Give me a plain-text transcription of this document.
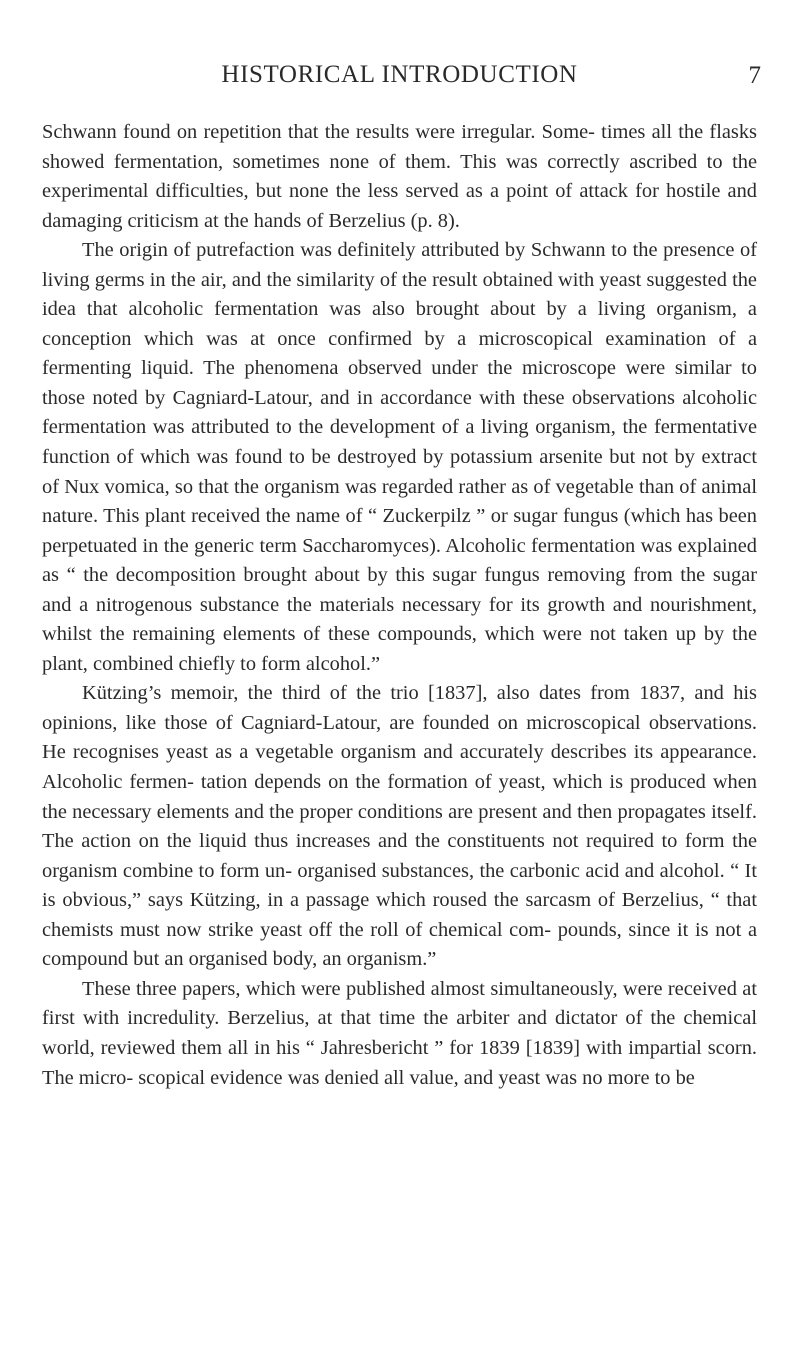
HISTORICAL INTRODUCTION	7

Schwann found on repetition that the results were irregular. Some- times all the flasks showed fermentation, sometimes none of them. This was correctly ascribed to the experimental difficulties, but none the less served as a point of attack for hostile and damaging criticism at the hands of Berzelius (p. 8).

The origin of putrefaction was definitely attributed by Schwann to the presence of living germs in the air, and the similarity of the result obtained with yeast suggested the idea that alcoholic fermentation was also brought about by a living organism, a conception which was at once confirmed by a microscopical examination of a fermenting liquid. The phenomena observed under the microscope were similar to those noted by Cagniard-Latour, and in accordance with these observations alcoholic fermentation was attributed to the development of a living organism, the fermentative function of which was found to be destroyed by potassium arsenite but not by extract of Nux vomica, so that the organism was regarded rather as of vegetable than of animal nature. This plant received the name of “ Zuckerpilz ” or sugar fungus (which has been perpetuated in the generic term Saccharomyces). Alcoholic fermentation was explained as “ the decomposition brought about by this sugar fungus removing from the sugar and a nitrogenous substance the materials necessary for its growth and nourishment, whilst the remaining elements of these compounds, which were not taken up by the plant, combined chiefly to form alcohol.”

Kützing’s memoir, the third of the trio [1837], also dates from 1837, and his opinions, like those of Cagniard-Latour, are founded on microscopical observations. He recognises yeast as a vegetable organism and accurately describes its appearance. Alcoholic fermen- tation depends on the formation of yeast, which is produced when the necessary elements and the proper conditions are present and then propagates itself. The action on the liquid thus increases and the constituents not required to form the organism combine to form un- organised substances, the carbonic acid and alcohol. “ It is obvious,” says Kützing, in a passage which roused the sarcasm of Berzelius, “ that chemists must now strike yeast off the roll of chemical com- pounds, since it is not a compound but an organised body, an organism.”

These three papers, which were published almost simultaneously, were received at first with incredulity. Berzelius, at that time the arbiter and dictator of the chemical world, reviewed them all in his “ Jahresbericht ” for 1839 [1839] with impartial scorn. The micro- scopical evidence was denied all value, and yeast was no more to be
